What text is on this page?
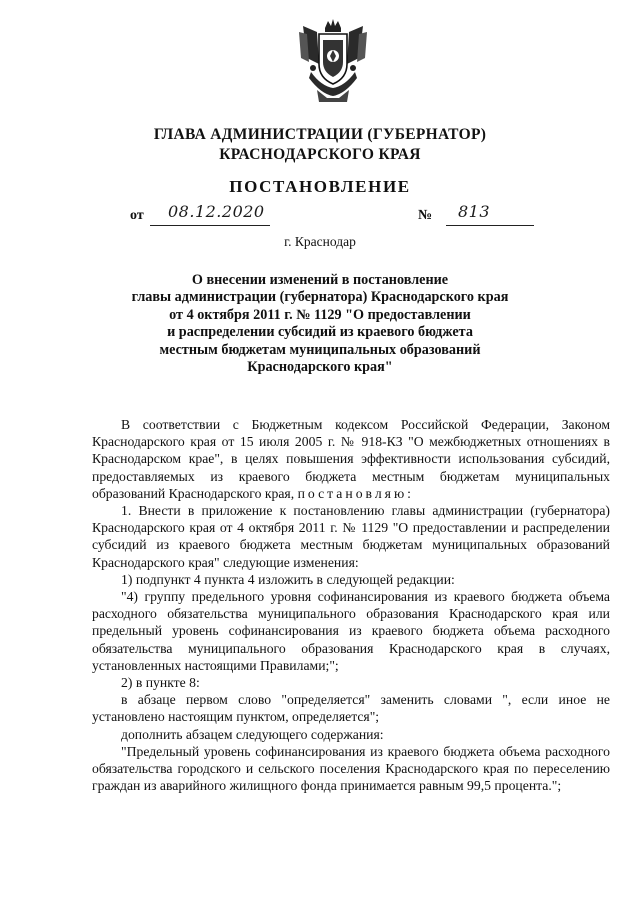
ГЛАВА АДМИНИСТРАЦИИ (ГУБЕРНАТОР)
КРАСНОДАРСКОГО КРАЯ
ПОСТАНОВЛЕНИЕ
от 08.12.2020	№ 813
г. Краснодар
О внесении изменений в постановление
главы администрации (губернатора) Краснодарского края
от 4 октября 2011 г. № 1129 "О предоставлении
и распределении субсидий из краевого бюджета
местным бюджетам муниципальных образований
Краснодарского края"

В соответствии с Бюджетным кодексом Российской Федерации, Законом Краснодарского края от 15 июля 2005 г. № 918-КЗ "О межбюджетных отношениях в Краснодарском крае", в целях повышения эффективности использования субсидий, предоставляемых из краевого бюджета местным бюджетам муниципальных образований Краснодарского края, постановляю:

1. Внести в приложение к постановлению главы администрации (губернатора) Краснодарского края от 4 октября 2011 г. № 1129 "О предоставлении и распределении субсидий из краевого бюджета местным бюджетам муниципальных образований Краснодарского края" следующие изменения:

1) подпункт 4 пункта 4 изложить в следующей редакции:

"4) группу предельного уровня софинансирования из краевого бюджета объема расходного обязательства муниципального образования Краснодарского края или предельный уровень софинансирования из краевого бюджета объема расходного обязательства муниципального образования Краснодарского края в случаях, установленных настоящими Правилами;";

2) в пункте 8:

в абзаце первом слово "определяется" заменить словами ", если иное не установлено настоящим пунктом, определяется";

дополнить абзацем следующего содержания:

"Предельный уровень софинансирования из краевого бюджета объема расходного обязательства городского и сельского поселения Краснодарского края по переселению граждан из аварийного жилищного фонда принимается равным 99,5 процента.";
